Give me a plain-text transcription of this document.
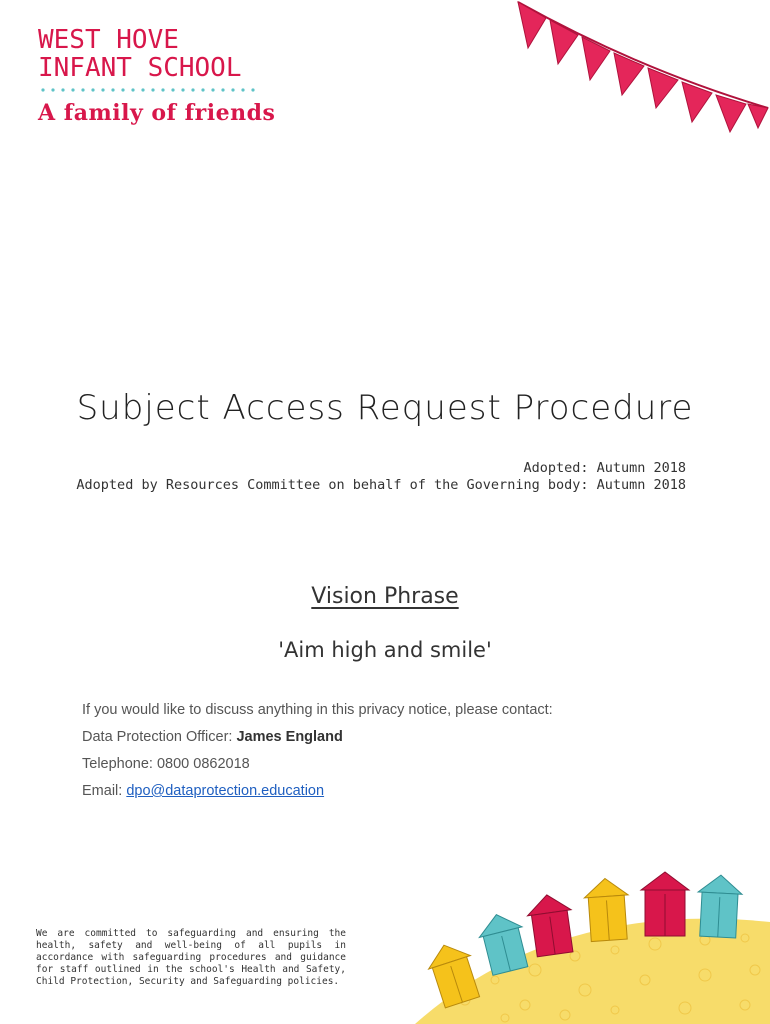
WEST HOVE
INFANT SCHOOL
A family of friends
Subject Access Request Procedure
Adopted: Autumn 2018
Adopted by Resources Committee on behalf of the Governing body: Autumn 2018
Vision Phrase
'Aim high and smile'
If you would like to discuss anything in this privacy notice, please contact:
Data Protection Officer: James England
Telephone: 0800 0862018
Email: dpo@dataprotection.education
We are committed to safeguarding and ensuring the health, safety and well-being of all pupils in accordance with safeguarding procedures and guidance for staff outlined in the school's Health and Safety, Child Protection, Security and Safeguarding policies.
